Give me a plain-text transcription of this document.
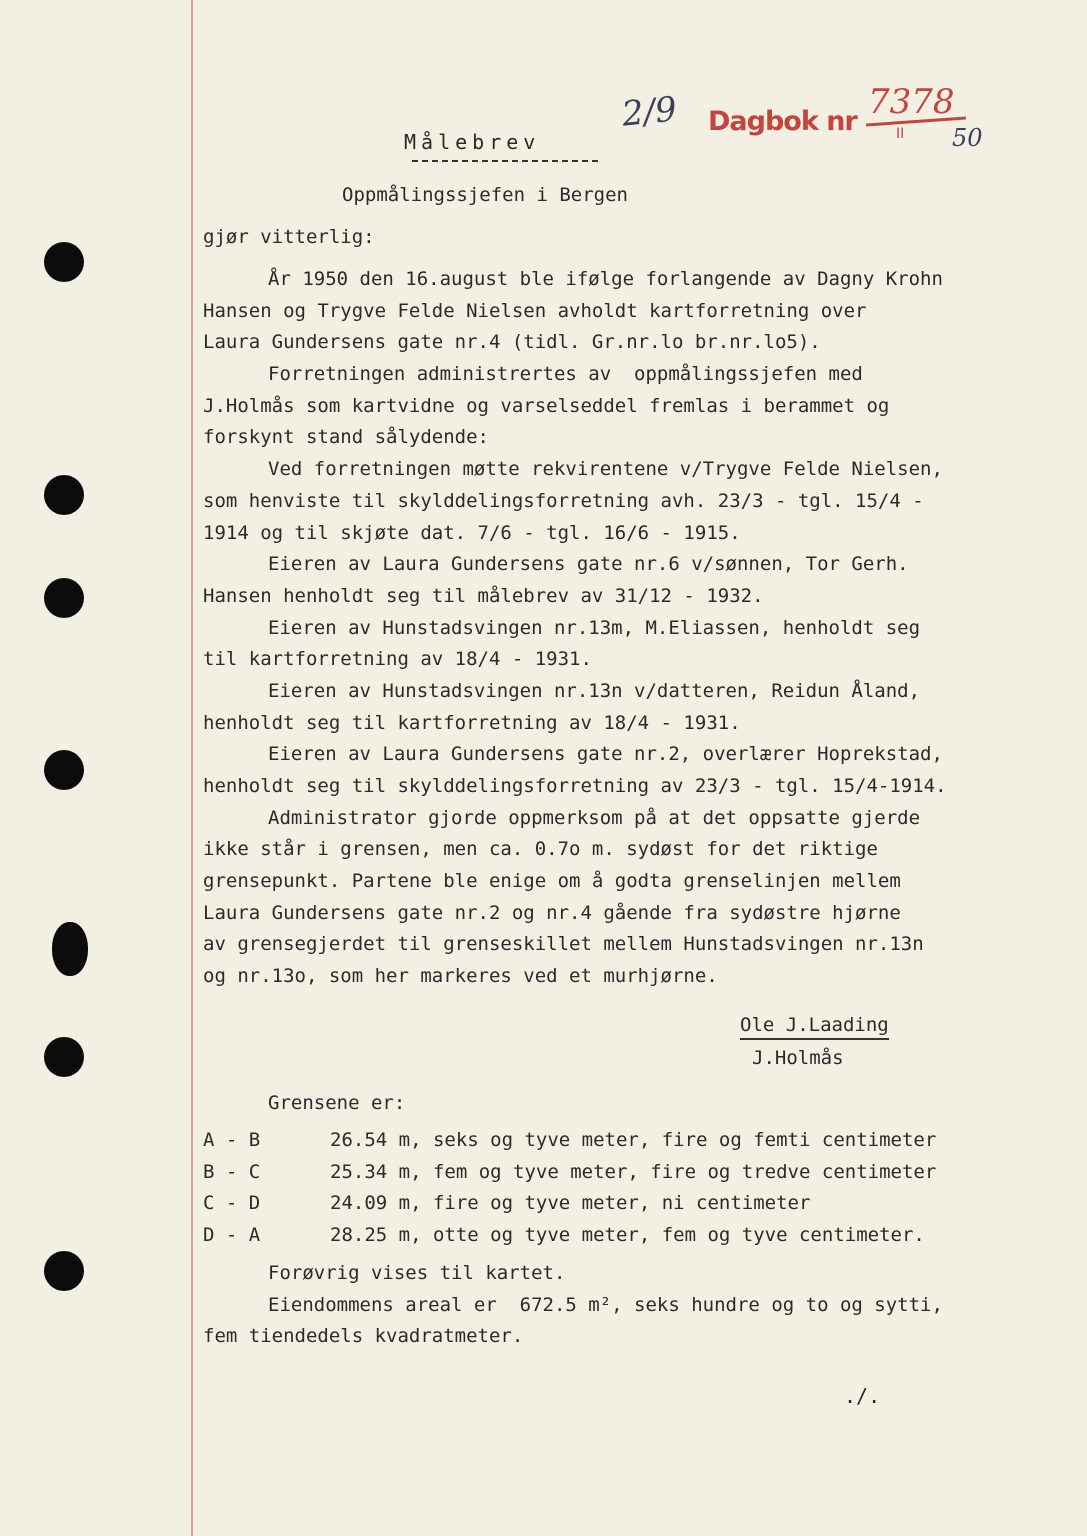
Målebrev
2/9 Dagbok nr 7378
II 50
Oppmålingssjefen i Bergen
gjør vitterlig:
År 1950 den 16.august ble ifølge forlangende av Dagny Krohn
Hansen og Trygve Felde Nielsen avholdt kartforretning over
Laura Gundersens gate nr.4 (tidl. Gr.nr.lo br.nr.lo5).
Forretningen administrertes av  oppmålingssjefen med
J.Holmås som kartvidne og varselseddel fremlas i berammet og
forskynt stand sålydende:
Ved forretningen møtte rekvirentene v/Trygve Felde Nielsen,
som henviste til skylddelingsforretning avh. 23/3 - tgl. 15/4 -
1914 og til skjøte dat. 7/6 - tgl. 16/6 - 1915.
Eieren av Laura Gundersens gate nr.6 v/sønnen, Tor Gerh.
Hansen henholdt seg til målebrev av 31/12 - 1932.
Eieren av Hunstadsvingen nr.13m, M.Eliassen, henholdt seg
til kartforretning av 18/4 - 1931.
Eieren av Hunstadsvingen nr.13n v/datteren, Reidun Åland,
henholdt seg til kartforretning av 18/4 - 1931.
Eieren av Laura Gundersens gate nr.2, overlærer Hoprekstad,
henholdt seg til skylddelingsforretning av 23/3 - tgl. 15/4-1914.
Administrator gjorde oppmerksom på at det oppsatte gjerde
ikke står i grensen, men ca. 0.7o m. sydøst for det riktige
grensepunkt. Partene ble enige om å godta grenselinjen mellem
Laura Gundersens gate nr.2 og nr.4 gående fra sydøstre hjørne
av grensegjerdet til grenseskillet mellem Hunstadsvingen nr.13n
og nr.13o, som her markeres ved et murhjørne.
Ole J.Laading
J.Holmås
Grensene er:
A - B	26.54 m, seks og tyve meter, fire og femti centimeter
B - C	25.34 m, fem og tyve meter, fire og tredve centimeter
C - D	24.09 m, fire og tyve meter, ni centimeter
D - A	28.25 m, otte og tyve meter, fem og tyve centimeter.
Forøvrig vises til kartet.
Eiendommens areal er  672.5 m², seks hundre og to og sytti,
fem tiendedels kvadratmeter.
./.
